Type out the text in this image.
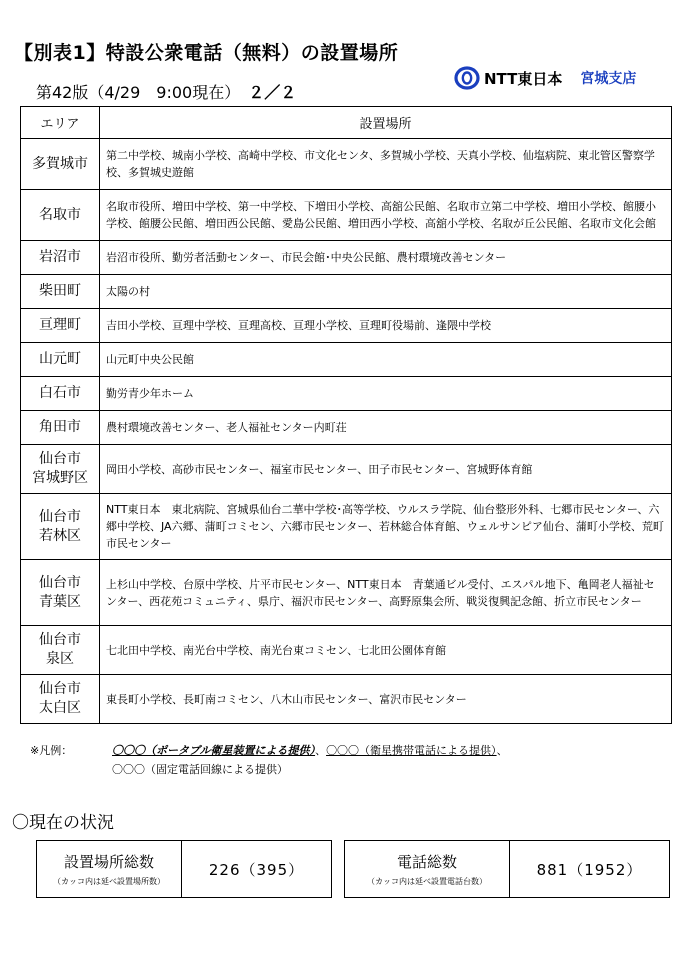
【別表1】特設公衆電話（無料）の設置場所
第42版（4/29　9:00現在） ２／２
NTT東日本 宮城支店
エリア	設置場所
多賀城市	第二中学校、城南小学校、高崎中学校、市文化センタ、多賀城小学校、天真小学校、仙塩病院、東北管区警察学校、多賀城史遊館
名取市	名取市役所、増田中学校、第一中学校、下増田小学校、高舘公民館、名取市立第二中学校、増田小学校、館腰小学校、館腰公民館、増田西公民館、愛島公民館、増田西小学校、高舘小学校、名取が丘公民館、名取市文化会館
岩沼市	岩沼市役所、勤労者活動センター、市民会館･中央公民館、農村環境改善センター
柴田町	太陽の村
亘理町	吉田小学校、亘理中学校、亘理高校、亘理小学校、亘理町役場前、逢隈中学校
山元町	山元町中央公民館
白石市	勤労青少年ホーム
角田市	農村環境改善センター、老人福祉センター内町荘
仙台市
宮城野区	岡田小学校、高砂市民センター、福室市民センター、田子市民センター、宮城野体育館
仙台市
若林区	NTT東日本　東北病院、宮城県仙台二華中学校･高等学校、ウルスラ学院、仙台整形外科、七郷市民センター、六郷中学校、JA六郷、蒲町コミセン、六郷市民センター、若林総合体育館、ウェルサンピア仙台、蒲町小学校、荒町市民センター
仙台市
青葉区	上杉山中学校、台原中学校、片平市民センター、NTT東日本　青葉通ビル受付、エスパル地下、亀岡老人福祉センター、西花苑コミュニティ、県庁、福沢市民センター、高野原集会所、戦災復興記念館、折立市民センター
仙台市
泉区	七北田中学校、南光台中学校、南光台東コミセン、七北田公園体育館
仙台市
太白区	東長町小学校、長町南コミセン、八木山市民センター、富沢市民センター
※凡例：	〇〇〇（ポータブル衛星装置による提供）、〇〇〇（衛星携帯電話による提供）、
〇〇〇（固定電話回線による提供）
〇現在の状況
設置場所総数
（カッコ内は延べ設置場所数）
226（395）	電話総数
（カッコ内は延べ設置電話台数）
881（1952）
